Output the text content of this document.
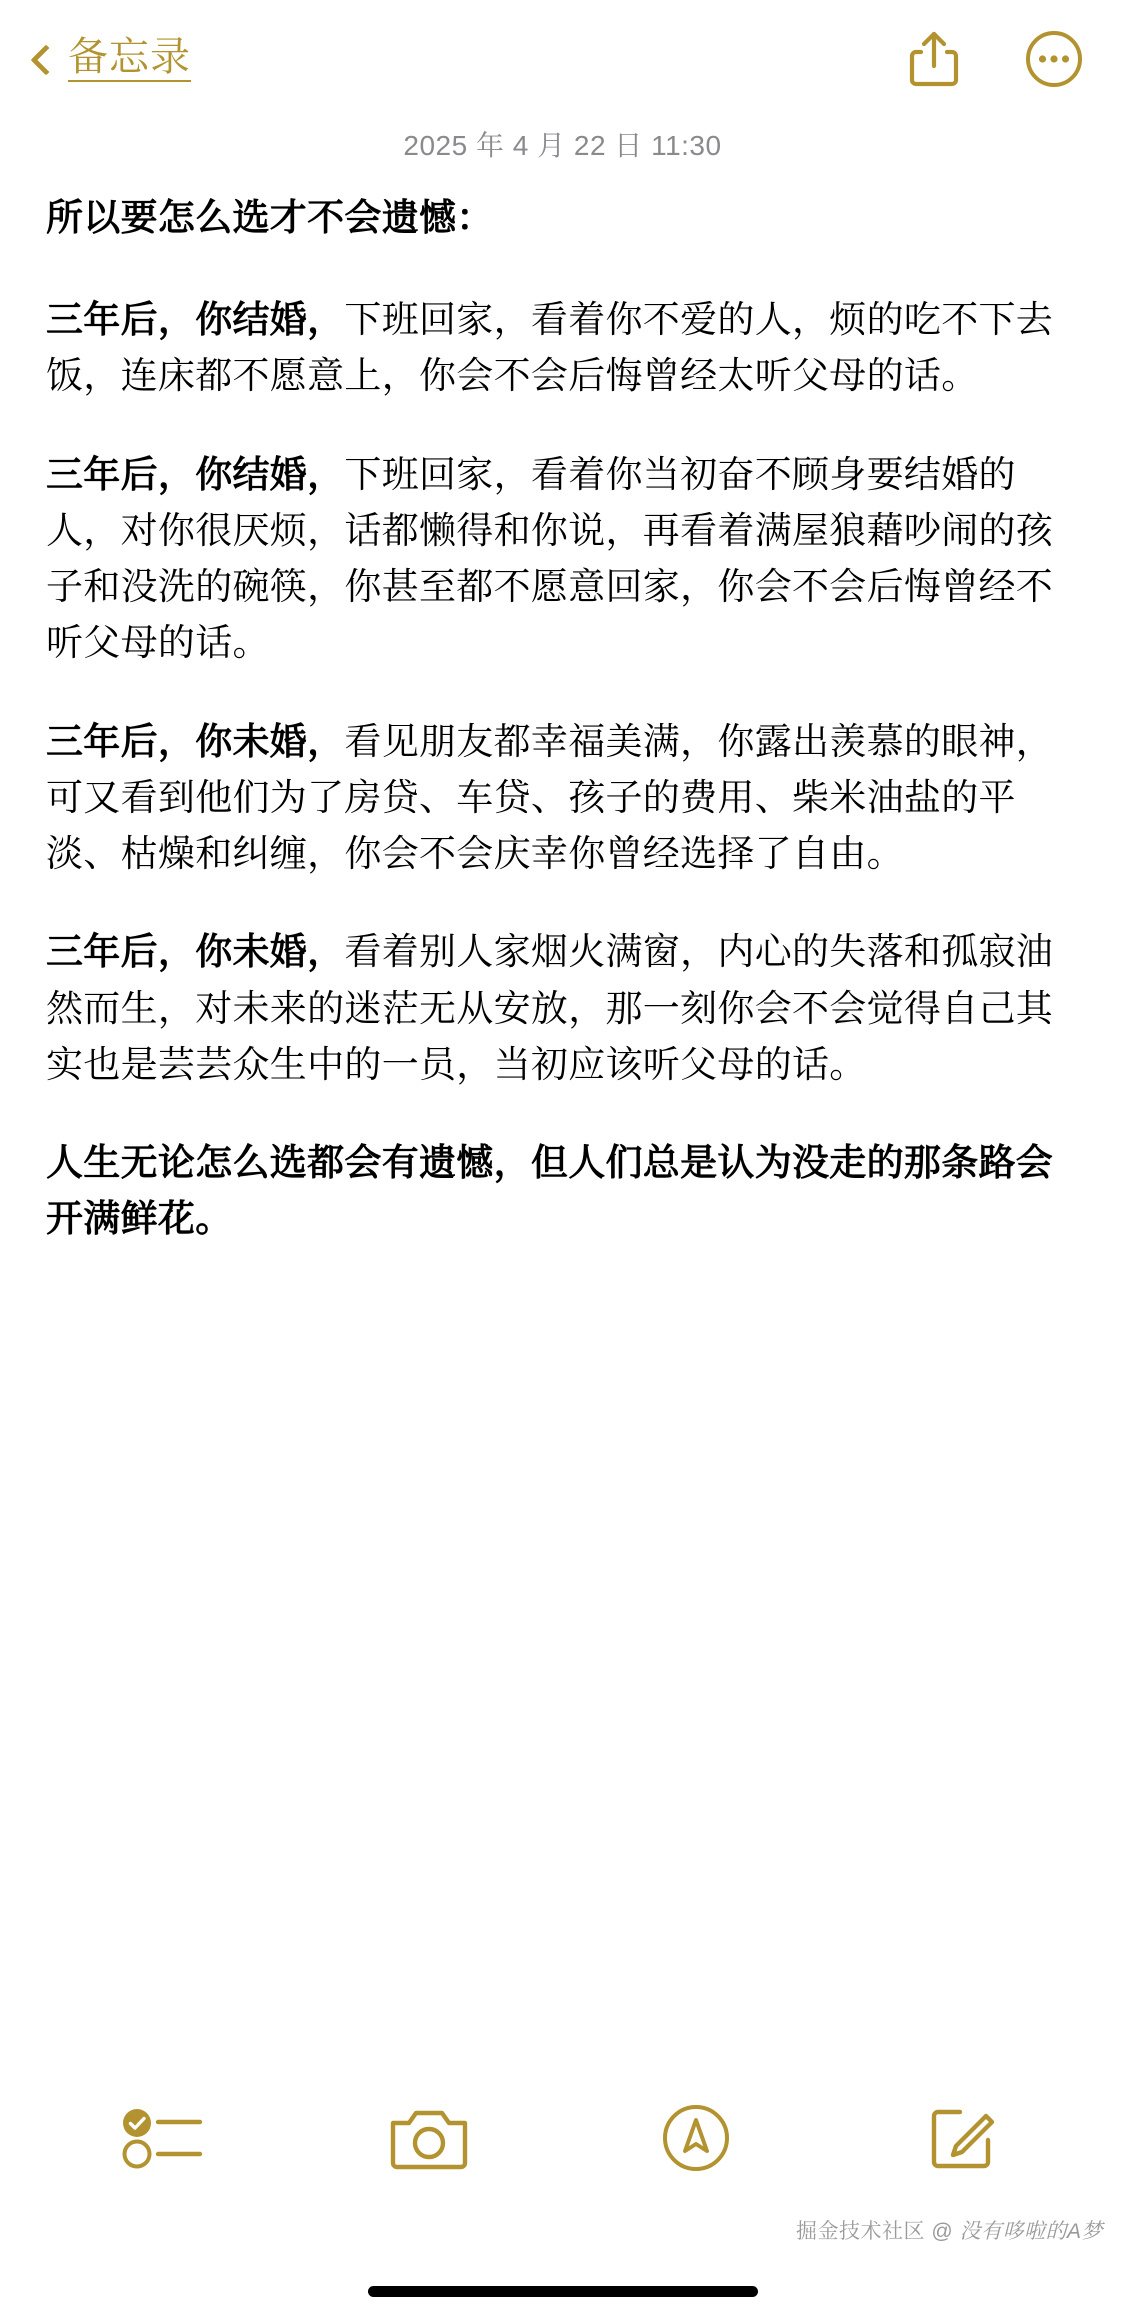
备忘录
2025 年 4 月 22 日 11:30

所以要怎么选才不会遗憾：

三年后，你结婚，下班回家，看着你不爱的人，烦的吃不下去饭，连床都不愿意上，你会不会后悔曾经太听父母的话。

三年后，你结婚，下班回家，看着你当初奋不顾身要结婚的人，对你很厌烦，话都懒得和你说，再看着满屋狼藉吵闹的孩子和没洗的碗筷，你甚至都不愿意回家，你会不会后悔曾经不听父母的话。

三年后，你未婚，看见朋友都幸福美满，你露出羡慕的眼神，可又看到他们为了房贷、车贷、孩子的费用、柴米油盐的平淡、枯燥和纠缠，你会不会庆幸你曾经选择了自由。

三年后，你未婚，看着别人家烟火满窗，内心的失落和孤寂油然而生，对未来的迷茫无从安放，那一刻你会不会觉得自己其实也是芸芸众生中的一员，当初应该听父母的话。

人生无论怎么选都会有遗憾，但人们总是认为没走的那条路会开满鲜花。

掘金技术社区 @ 没有哆啦的A梦
